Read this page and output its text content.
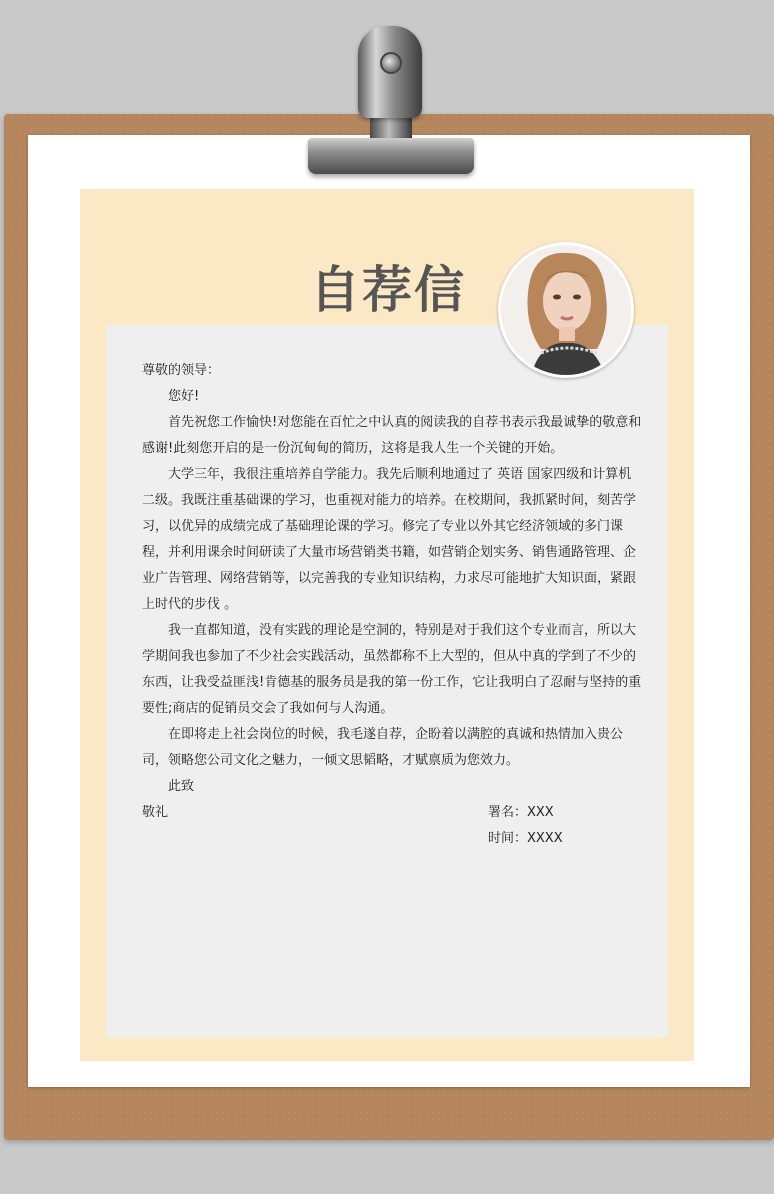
自荐信

尊敬的领导：

您好!

首先祝您工作愉快!对您能在百忙之中认真的阅读我的自荐书表示我最诚挚的敬意和感谢!此刻您开启的是一份沉甸甸的简历，这将是我人生一个关键的开始。

大学三年，我很注重培养自学能力。我先后顺利地通过了 英语 国家四级和计算机二级。我既注重基础课的学习，也重视对能力的培养。在校期间，我抓紧时间，刻苦学习，以优异的成绩完成了基础理论课的学习。修完了专业以外其它经济领域的多门课程，并利用课余时间研读了大量市场营销类书籍，如营销企划实务、销售通路管理、企业广告管理、网络营销等，以完善我的专业知识结构，力求尽可能地扩大知识面，紧跟上时代的步伐 。

我一直都知道，没有实践的理论是空洞的，特别是对于我们这个专业而言，所以大学期间我也参加了不少社会实践活动，虽然都称不上大型的，但从中真的学到了不少的东西，让我受益匪浅!肯德基的服务员是我的第一份工作，它让我明白了忍耐与坚持的重要性;商店的促销员交会了我如何与人沟通。

在即将走上社会岗位的时候，我毛遂自荐，企盼着以满腔的真诚和热情加入贵公司，领略您公司文化之魅力，一倾文思韬略，才赋禀质为您效力。

此致

敬礼	署名：XXX
时间：XXXX
